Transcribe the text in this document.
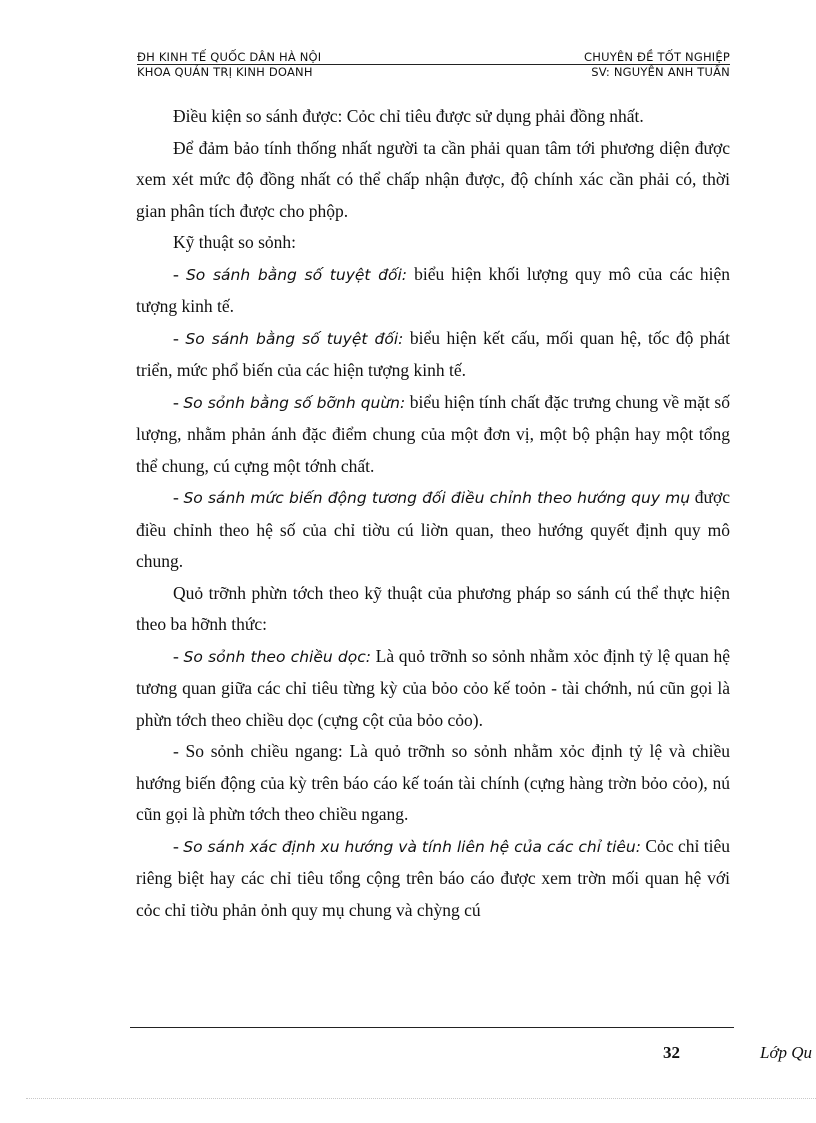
ĐH KINH TẾ QUỐC DÂN HÀ NỘI	CHUYÊN ĐỀ TỐT NGHIỆP
KHOA QUẢN TRỊ KINH DOANH	SV: NGUYỄN ANH TUẤN

Điều kiện so sánh được: Cỏc chỉ tiêu được sử dụng phải đồng nhất.

Để đảm bảo tính thống nhất người ta cần phải quan tâm tới phương diện được xem xét mức độ đồng nhất có thể chấp nhận được, độ chính xác cần phải có, thời gian phân tích được cho phộp.

Kỹ thuật so sỏnh:

- So sánh bằng số tuyệt đối: biểu hiện khối lượng quy mô của các hiện tượng kinh tế.

- So sánh bằng số tuyệt đối: biểu hiện kết cấu, mối quan hệ, tốc độ phát triển, mức phổ biến của các hiện tượng kinh tế.

- So sỏnh bằng số bỡnh quừn: biểu hiện tính chất đặc trưng chung về mặt số lượng, nhằm phản ánh đặc điểm chung của một đơn vị, một bộ phận hay một tổng thể chung, cú cựng một tớnh chất.

- So sánh mức biến động tương đối điều chỉnh theo hướng quy mụ được điều chỉnh theo hệ số của chỉ tiờu cú liờn quan, theo hướng quyết định quy mô chung.

Quỏ trỡnh phừn tớch theo kỹ thuật của phương pháp so sánh cú thể thực hiện theo ba hỡnh thức:

- So sỏnh theo chiều dọc: Là quỏ trỡnh so sỏnh nhằm xỏc định tỷ lệ quan hệ tương quan giữa các chỉ tiêu từng kỳ của bỏo cỏo kế toỏn - tài chớnh, nú cũn gọi là phừn tớch theo chiều dọc (cựng cột của bỏo cỏo).

- So sỏnh chiều ngang: Là quỏ trỡnh so sỏnh nhằm xỏc định tỷ lệ và chiều hướng biến động của kỳ trên báo cáo kế toán tài chính (cựng hàng trờn bỏo cỏo), nú cũn gọi là phừn tớch theo chiều ngang.

- So sánh xác định xu hướng và tính liên hệ của các chỉ tiêu: Cỏc chỉ tiêu riêng biệt hay các chỉ tiêu tổng cộng trên báo cáo được xem trờn mối quan hệ với cỏc chỉ tiờu phản ỏnh quy mụ chung và chỳng cú

32	Lớp Qu
